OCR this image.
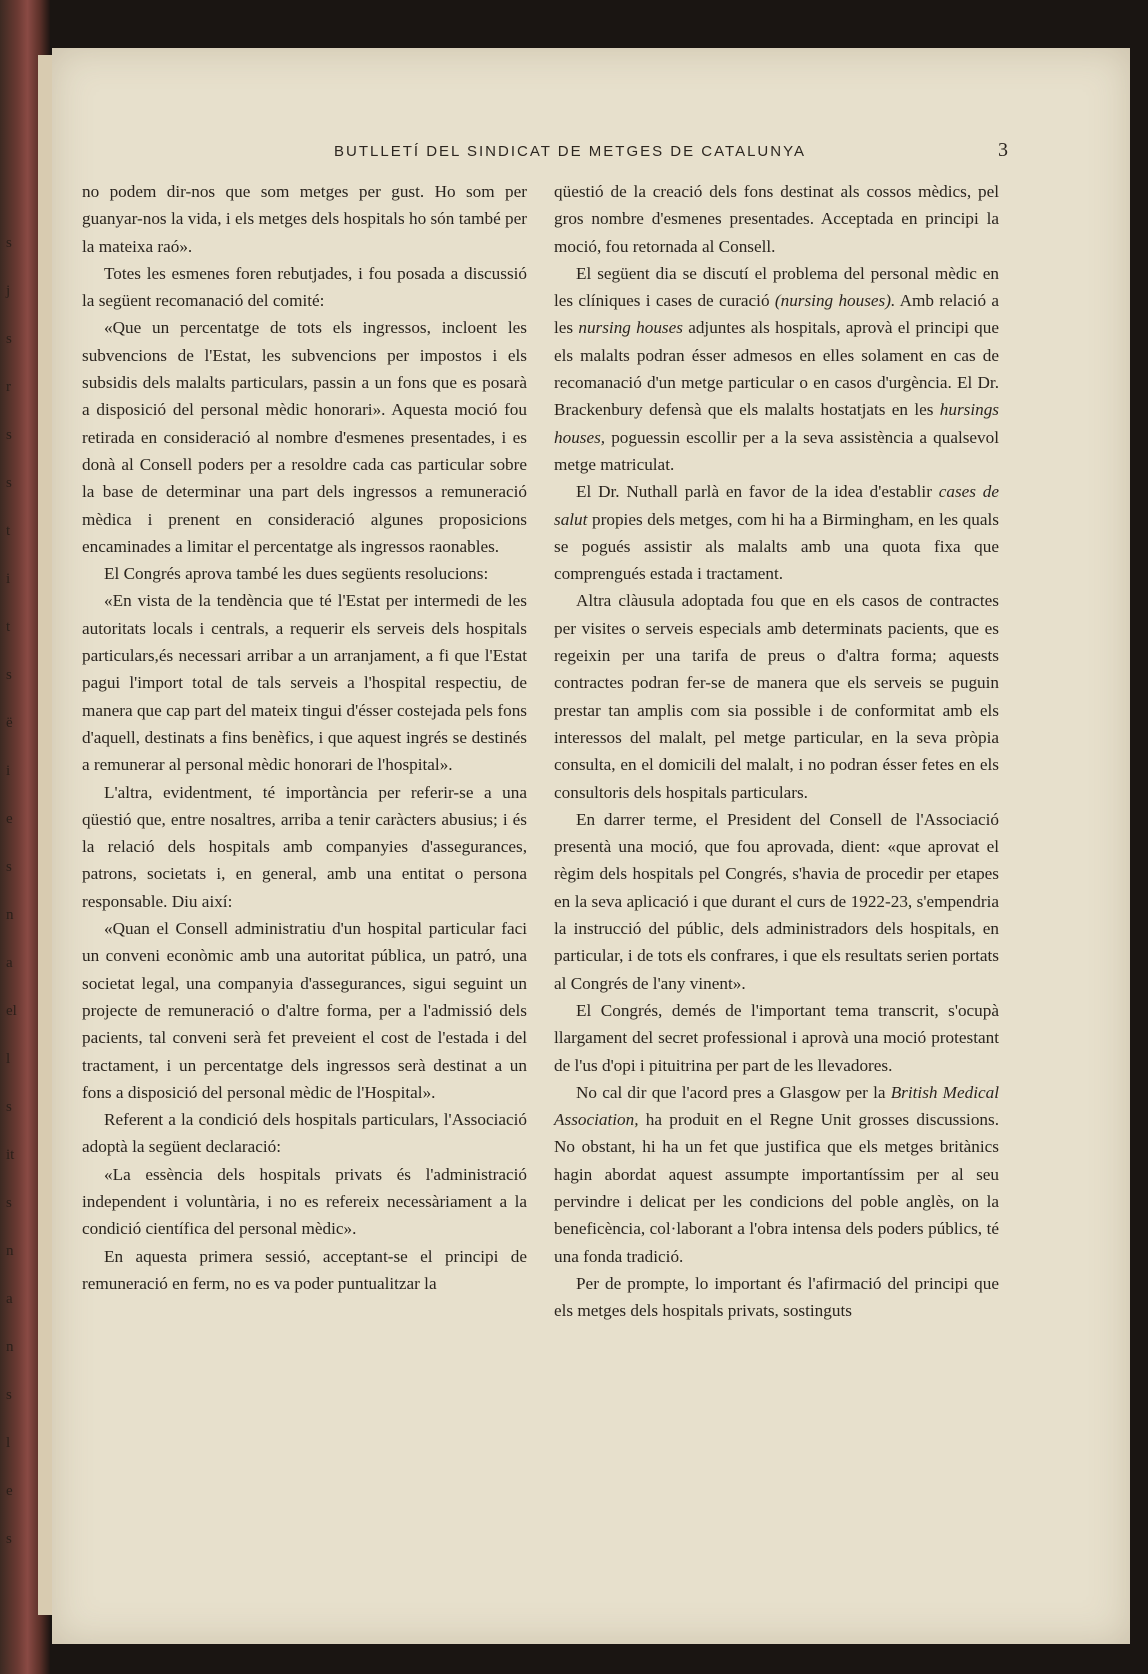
s
j
s
r
s
s
t
i
t
s
ë
i
e
s
n
a
el
l
s
it
s
n
a
n
s
l
e
s
BUTLLETÍ DEL SINDICAT DE METGES DE CATALUNYA	3

no podem dir-nos que som metges per gust. Ho som per guanyar-nos la vida, i els metges dels hospitals ho són també per la mateixa raó».

Totes les esmenes foren rebutjades, i fou posada a discussió la següent recomanació del comité:

«Que un percentatge de tots els ingressos, incloent les subvencions de l'Estat, les subvencions per impostos i els subsidis dels malalts particulars, passin a un fons que es posarà a disposició del personal mèdic honorari». Aquesta moció fou retirada en consideració al nombre d'esmenes presentades, i es donà al Consell poders per a resoldre cada cas particular sobre la base de determinar una part dels ingressos a remuneració mèdica i prenent en consideració algunes proposicions encaminades a limitar el percentatge als ingressos raonables.

El Congrés aprova també les dues següents resolucions:

«En vista de la tendència que té l'Estat per intermedi de les autoritats locals i centrals, a requerir els serveis dels hospitals particulars,és necessari arribar a un arranjament, a fi que l'Estat pagui l'import total de tals serveis a l'hospital respectiu, de manera que cap part del mateix tingui d'ésser costejada pels fons d'aquell, destinats a fins benèfics, i que aquest ingrés se destinés a remunerar al personal mèdic honorari de l'hospital».

L'altra, evidentment, té importància per referir-se a una qüestió que, entre nosaltres, arriba a tenir caràcters abusius; i és la relació dels hospitals amb companyies d'assegurances, patrons, societats i, en general, amb una entitat o persona responsable. Diu així:

«Quan el Consell administratiu d'un hospital particular faci un conveni econòmic amb una autoritat pública, un patró, una societat legal, una companyia d'assegurances, sigui seguint un projecte de remuneració o d'altre forma, per a l'admissió dels pacients, tal conveni serà fet preveient el cost de l'estada i del tractament, i un percentatge dels ingressos serà destinat a un fons a disposició del personal mèdic de l'Hospital».

Referent a la condició dels hospitals particulars, l'Associació adoptà la següent declaració:

«La essència dels hospitals privats és l'administració independent i voluntària, i no es refereix necessàriament a la condició científica del personal mèdic».

En aquesta primera sessió, acceptant-se el principi de remuneració en ferm, no es va poder puntualitzar la

qüestió de la creació dels fons destinat als cossos mèdics, pel gros nombre d'esmenes presentades. Acceptada en principi la moció, fou retornada al Consell.

El següent dia se discutí el problema del personal mèdic en les clíniques i cases de curació (nursing houses). Amb relació a les nursing houses adjuntes als hospitals, aprovà el principi que els malalts podran ésser admesos en elles solament en cas de recomanació d'un metge particular o en casos d'urgència. El Dr. Brackenbury defensà que els malalts hostatjats en les hursings houses, poguessin escollir per a la seva assistència a qualsevol metge matriculat.

El Dr. Nuthall parlà en favor de la idea d'establir cases de salut propies dels metges, com hi ha a Birmingham, en les quals se pogués assistir als malalts amb una quota fixa que comprengués estada i tractament.

Altra clàusula adoptada fou que en els casos de contractes per visites o serveis especials amb determinats pacients, que es regeixin per una tarifa de preus o d'altra forma; aquests contractes podran fer-se de manera que els serveis se puguin prestar tan amplis com sia possible i de conformitat amb els interessos del malalt, pel metge particular, en la seva pròpia consulta, en el domicili del malalt, i no podran ésser fetes en els consultoris dels hospitals particulars.

En darrer terme, el President del Consell de l'Associació presentà una moció, que fou aprovada, dient: «que aprovat el règim dels hospitals pel Congrés, s'havia de procedir per etapes en la seva aplicació i que durant el curs de 1922-23, s'empendria la instrucció del públic, dels administradors dels hospitals, en particular, i de tots els confrares, i que els resultats serien portats al Congrés de l'any vinent».

El Congrés, demés de l'important tema transcrit, s'ocupà llargament del secret professional i aprovà una moció protestant de l'us d'opi i pituitrina per part de les llevadores.

No cal dir que l'acord pres a Glasgow per la British Medical Association, ha produit en el Regne Unit grosses discussions. No obstant, hi ha un fet que justifica que els metges britànics hagin abordat aquest assumpte importantíssim per al seu pervindre i delicat per les condicions del poble anglès, on la beneficència, col·laborant a l'obra intensa dels poders públics, té una fonda tradició.

Per de prompte, lo important és l'afirmació del principi que els metges dels hospitals privats, sostinguts
